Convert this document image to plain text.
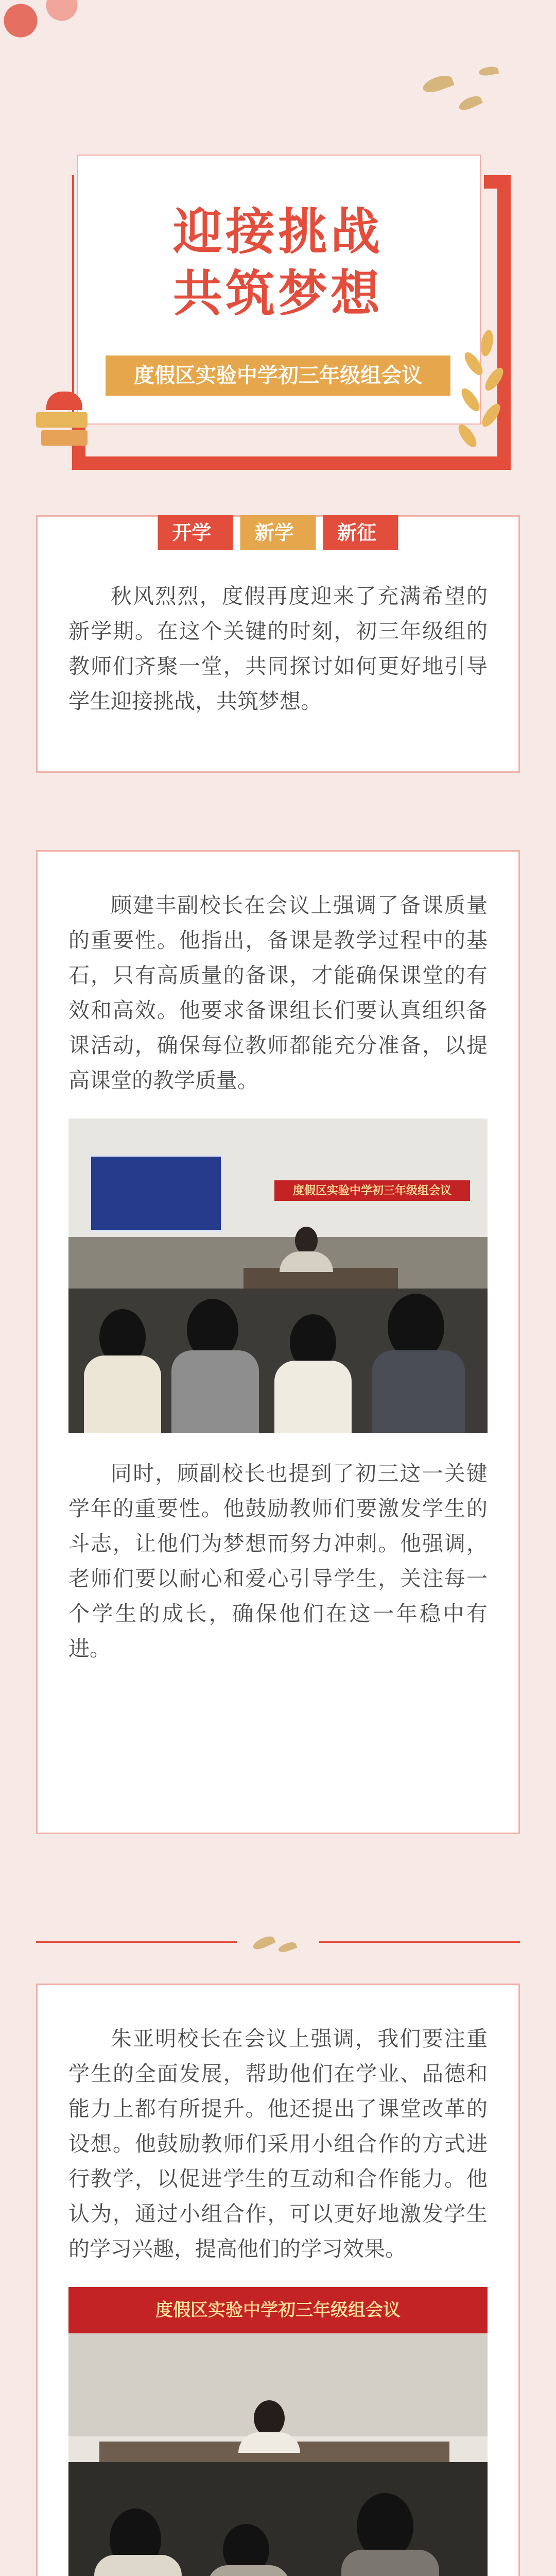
迎接挑战
共筑梦想
度假区实验中学初三年级组会议
开学季
新学期
新征程

秋风烈烈，度假再度迎来了充满希望的新学期。在这个关键的时刻，初三年级组的教师们齐聚一堂，共同探讨如何更好地引导学生迎接挑战，共筑梦想。

顾建丰副校长在会议上强调了备课质量的重要性。他指出，备课是教学过程中的基石，只有高质量的备课，才能确保课堂的有效和高效。他要求备课组长们要认真组织备课活动，确保每位教师都能充分准备，以提高课堂的教学质量。

度假区实验中学初三年级组会议

同时，顾副校长也提到了初三这一关键学年的重要性。他鼓励教师们要激发学生的斗志，让他们为梦想而努力冲刺。他强调，老师们要以耐心和爱心引导学生，关注每一个学生的成长，确保他们在这一年稳中有进。

朱亚明校长在会议上强调，我们要注重学生的全面发展，帮助他们在学业、品德和能力上都有所提升。他还提出了课堂改革的设想。他鼓励教师们采用小组合作的方式进行教学，以促进学生的互动和合作能力。他认为，通过小组合作，可以更好地激发学生的学习兴趣，提高他们的学习效果。

度假区实验中学初三年级组会议
